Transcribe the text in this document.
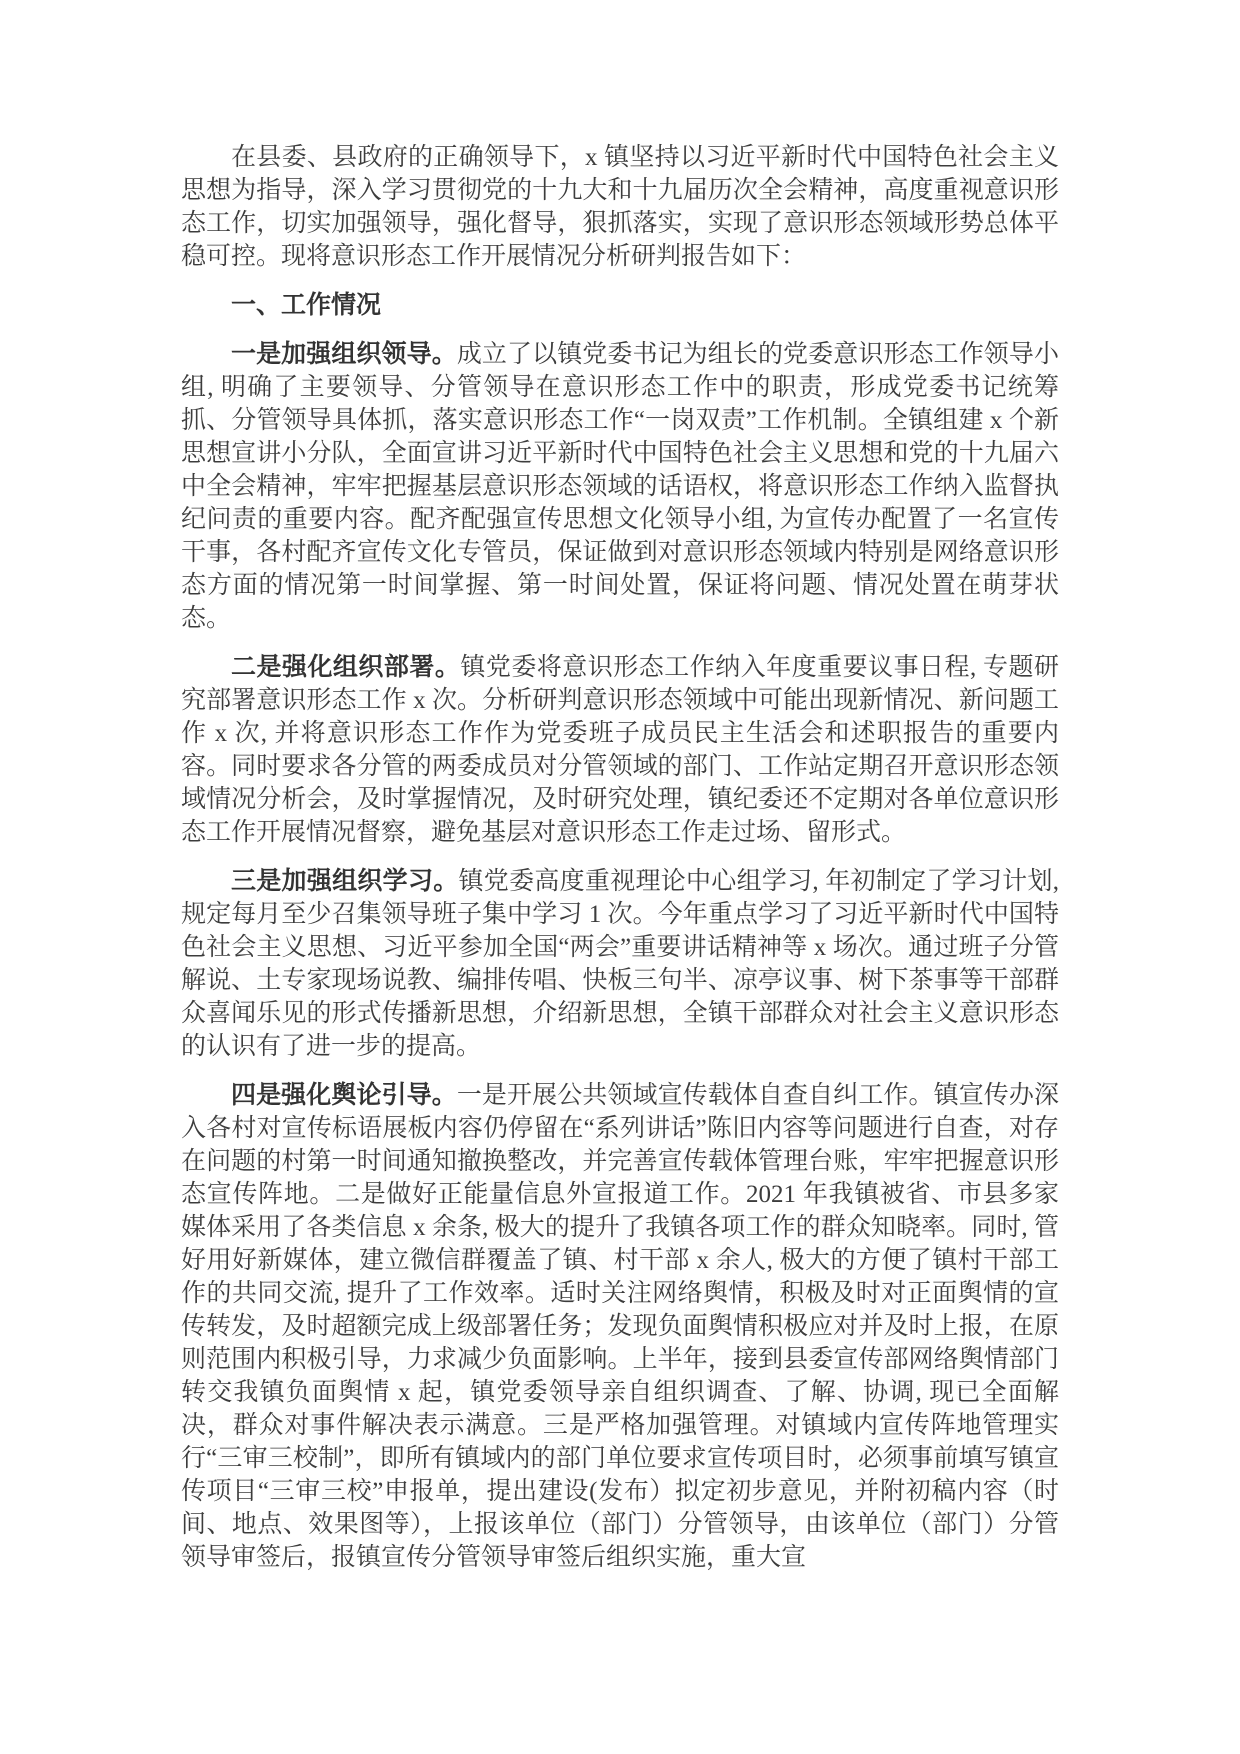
在县委、县政府的正确领导下，x 镇坚持以习近平新时代中国特色社会主义思想为指导，深入学习贯彻党的十九大和十九届历次全会精神，高度重视意识形态工作，切实加强领导，强化督导，狠抓落实，实现了意识形态领域形势总体平稳可控。现将意识形态工作开展情况分析研判报告如下：

一、工作情况

一是加强组织领导。成立了以镇党委书记为组长的党委意识形态工作领导小组, 明确了主要领导、分管领导在意识形态工作中的职责，形成党委书记统筹抓、分管领导具体抓，落实意识形态工作“一岗双责”工作机制。全镇组建 x 个新思想宣讲小分队，全面宣讲习近平新时代中国特色社会主义思想和党的十九届六中全会精神，牢牢把握基层意识形态领域的话语权，将意识形态工作纳入监督执纪问责的重要内容。配齐配强宣传思想文化领导小组, 为宣传办配置了一名宣传干事，各村配齐宣传文化专管员，保证做到对意识形态领域内特别是网络意识形态方面的情况第一时间掌握、第一时间处置，保证将问题、情况处置在萌芽状态。

二是强化组织部署。镇党委将意识形态工作纳入年度重要议事日程, 专题研究部署意识形态工作 x 次。分析研判意识形态领域中可能出现新情况、新问题工作 x 次, 并将意识形态工作作为党委班子成员民主生活会和述职报告的重要内容。同时要求各分管的两委成员对分管领域的部门、工作站定期召开意识形态领域情况分析会，及时掌握情况，及时研究处理，镇纪委还不定期对各单位意识形态工作开展情况督察，避免基层对意识形态工作走过场、留形式。

三是加强组织学习。镇党委高度重视理论中心组学习, 年初制定了学习计划, 规定每月至少召集领导班子集中学习 1 次。今年重点学习了习近平新时代中国特色社会主义思想、习近平参加全国“两会”重要讲话精神等 x 场次。通过班子分管解说、土专家现场说教、编排传唱、快板三句半、凉亭议事、树下茶事等干部群众喜闻乐见的形式传播新思想，介绍新思想，全镇干部群众对社会主义意识形态的认识有了进一步的提高。

四是强化舆论引导。一是开展公共领域宣传载体自查自纠工作。镇宣传办深入各村对宣传标语展板内容仍停留在“系列讲话”陈旧内容等问题进行自查，对存在问题的村第一时间通知撤换整改，并完善宣传载体管理台账，牢牢把握意识形态宣传阵地。二是做好正能量信息外宣报道工作。2021 年我镇被省、市县多家媒体采用了各类信息 x 余条, 极大的提升了我镇各项工作的群众知晓率。同时, 管好用好新媒体，建立微信群覆盖了镇、村干部 x 余人, 极大的方便了镇村干部工作的共同交流, 提升了工作效率。适时关注网络舆情，积极及时对正面舆情的宣传转发，及时超额完成上级部署任务；发现负面舆情积极应对并及时上报，在原则范围内积极引导，力求减少负面影响。上半年，接到县委宣传部网络舆情部门转交我镇负面舆情 x 起，镇党委领导亲自组织调查、了解、协调, 现已全面解决，群众对事件解决表示满意。三是严格加强管理。对镇域内宣传阵地管理实行“三审三校制”，即所有镇域内的部门单位要求宣传项目时，必须事前填写镇宣传项目“三审三校”申报单，提出建设(发布）拟定初步意见，并附初稿内容（时间、地点、效果图等），上报该单位（部门）分管领导，由该单位（部门）分管领导审签后，报镇宣传分管领导审签后组织实施，重大宣
